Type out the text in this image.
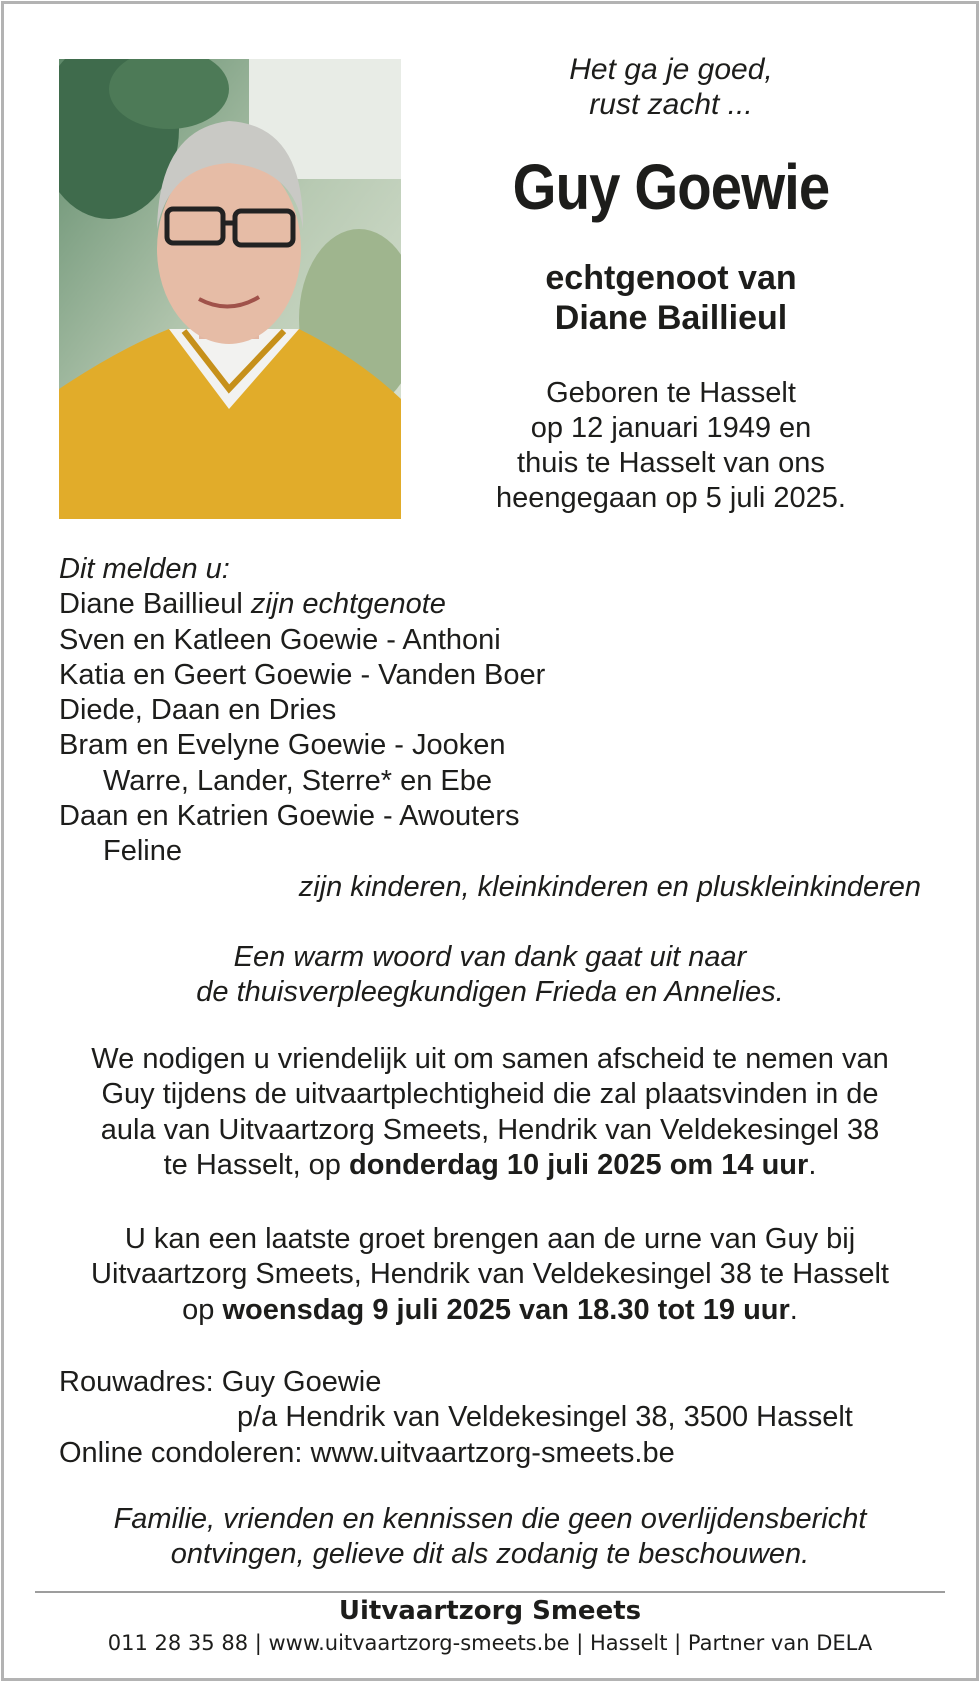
Het ga je goed,
rust zacht ...
Guy Goewie
echtgenoot van
Diane Baillieul
Geboren te Hasselt
op 12 januari 1949 en
thuis te Hasselt van ons
heengegaan op 5 juli 2025.
Dit melden u:
Diane Baillieul zijn echtgenote
Sven en Katleen Goewie - Anthoni
Katia en Geert Goewie - Vanden Boer
Diede, Daan en Dries
Bram en Evelyne Goewie - Jooken
Warre, Lander, Sterre* en Ebe
Daan en Katrien Goewie - Awouters
Feline
zijn kinderen, kleinkinderen en pluskleinkinderen
Een warm woord van dank gaat uit naar
de thuisverpleegkundigen Frieda en Annelies.
We nodigen u vriendelijk uit om samen afscheid te nemen van
Guy tijdens de uitvaartplechtigheid die zal plaatsvinden in de
aula van Uitvaartzorg Smeets, Hendrik van Veldekesingel 38
te Hasselt, op donderdag 10 juli 2025 om 14 uur.
U kan een laatste groet brengen aan de urne van Guy bij
Uitvaartzorg Smeets, Hendrik van Veldekesingel 38 te Hasselt
op woensdag 9 juli 2025 van 18.30 tot 19 uur.
Rouwadres: Guy Goewie
p/a Hendrik van Veldekesingel 38, 3500 Hasselt
Online condoleren: www.uitvaartzorg-smeets.be
Familie, vrienden en kennissen die geen overlijdensbericht
ontvingen, gelieve dit als zodanig te beschouwen.
Uitvaartzorg Smeets
011 28 35 88 | www.uitvaartzorg-smeets.be | Hasselt | Partner van DELA
